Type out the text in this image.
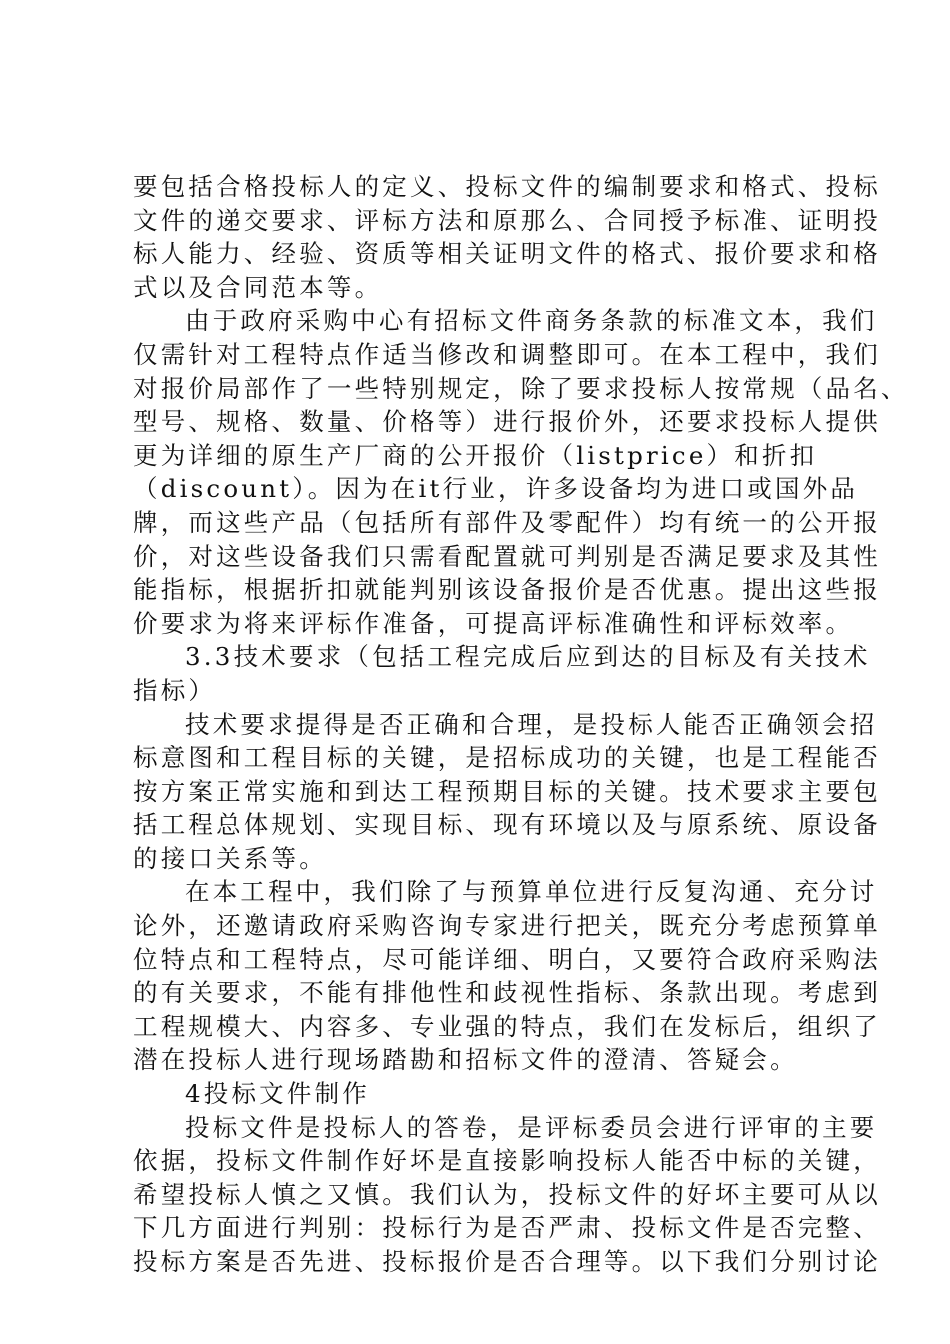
要包括合格投标人的定义、投标文件的编制要求和格式、投标
文件的递交要求、评标方法和原那么、合同授予标准、证明投
标人能力、经验、资质等相关证明文件的格式、报价要求和格
式以及合同范本等。
由于政府采购中心有招标文件商务条款的标准文本，我们
仅需针对工程特点作适当修改和调整即可。在本工程中，我们
对报价局部作了一些特别规定，除了要求投标人按常规（品名、
型号、规格、数量、价格等）进行报价外，还要求投标人提供
更为详细的原生产厂商的公开报价（listprice）和折扣
（discount）。因为在it行业，许多设备均为进口或国外品
牌，而这些产品（包括所有部件及零配件）均有统一的公开报
价，对这些设备我们只需看配置就可判别是否满足要求及其性
能指标，根据折扣就能判别该设备报价是否优惠。提出这些报
价要求为将来评标作准备，可提高评标准确性和评标效率。
3.3技术要求（包括工程完成后应到达的目标及有关技术
指标）
技术要求提得是否正确和合理，是投标人能否正确领会招
标意图和工程目标的关键，是招标成功的关键，也是工程能否
按方案正常实施和到达工程预期目标的关键。技术要求主要包
括工程总体规划、实现目标、现有环境以及与原系统、原设备
的接口关系等。
在本工程中，我们除了与预算单位进行反复沟通、充分讨
论外，还邀请政府采购咨询专家进行把关，既充分考虑预算单
位特点和工程特点，尽可能详细、明白，又要符合政府采购法
的有关要求，不能有排他性和歧视性指标、条款出现。考虑到
工程规模大、内容多、专业强的特点，我们在发标后，组织了
潜在投标人进行现场踏勘和招标文件的澄清、答疑会。
4投标文件制作
投标文件是投标人的答卷，是评标委员会进行评审的主要
依据，投标文件制作好坏是直接影响投标人能否中标的关键，
希望投标人慎之又慎。我们认为，投标文件的好坏主要可从以
下几方面进行判别：投标行为是否严肃、投标文件是否完整、
投标方案是否先进、投标报价是否合理等。以下我们分别讨论
